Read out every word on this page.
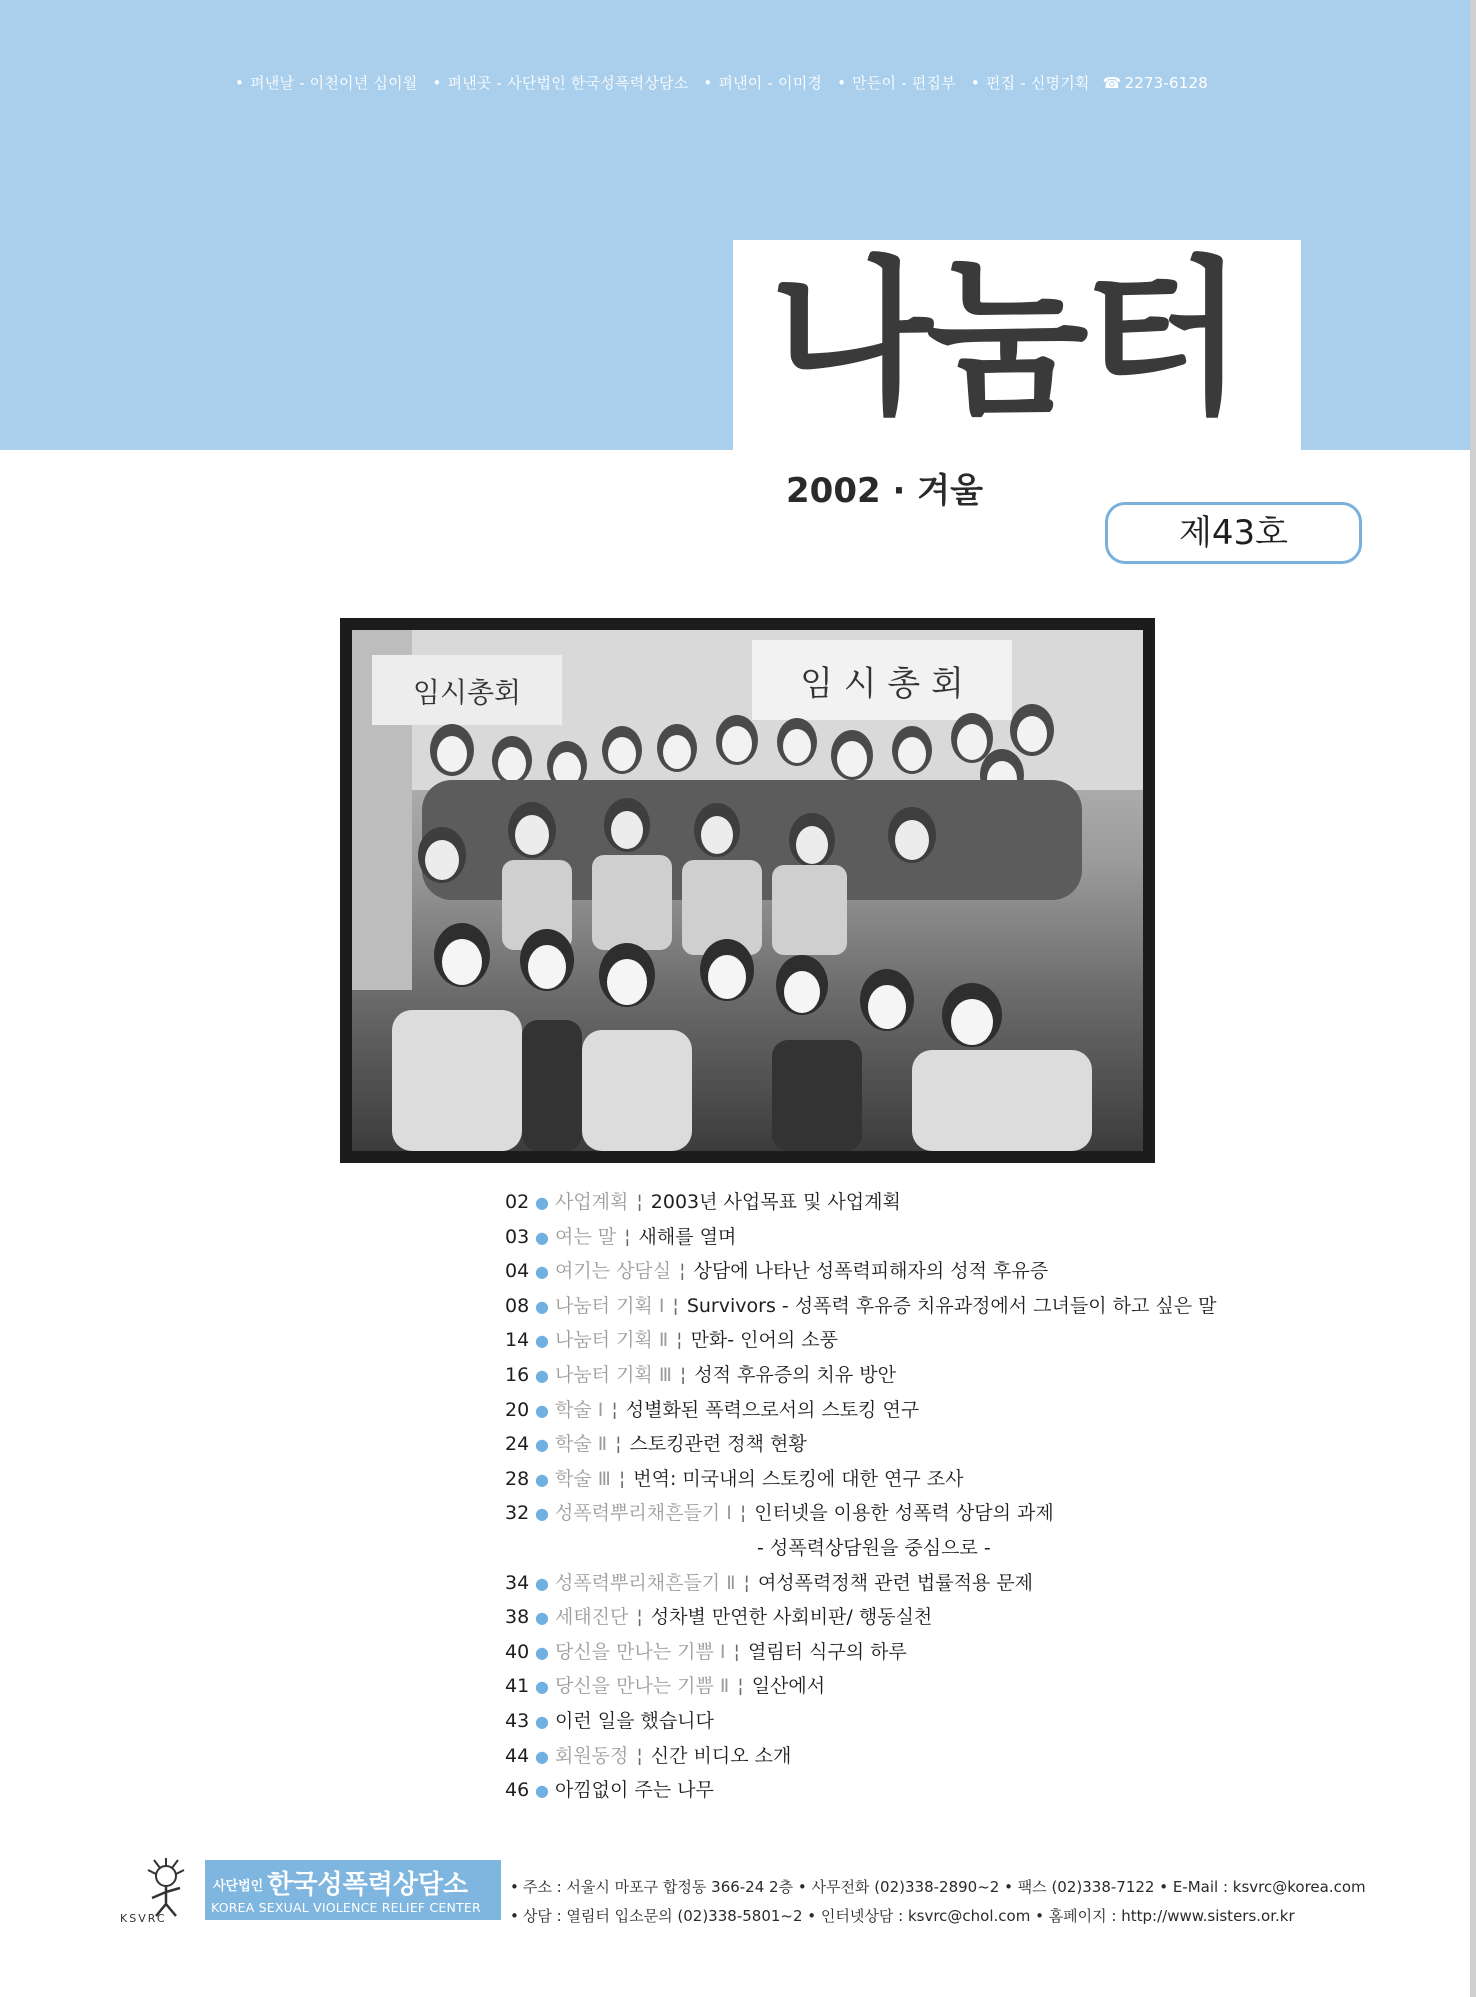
• 펴낸날 - 이천이년 십이월 • 펴낸곳 - 사단법인 한국성폭력상담소 • 펴낸이 - 이미경 • 만든이 - 편집부 • 편집 - 신명기획 ☎ 2273-6128
나눔터
2002 · 겨울
제43호
임시총회	임 시 총 회
02 ● 사업계획 ¦ 2003년 사업목표 및 사업계획
03 ● 여는 말 ¦ 새해를 열며
04 ● 여기는 상담실 ¦ 상담에 나타난 성폭력피해자의 성적 후유증
08 ● 나눔터 기획 Ⅰ ¦ Survivors - 성폭력 후유증 치유과정에서 그녀들이 하고 싶은 말
14 ● 나눔터 기획 Ⅱ ¦ 만화- 인어의 소풍
16 ● 나눔터 기획 Ⅲ ¦ 성적 후유증의 치유 방안
20 ● 학술 Ⅰ ¦ 성별화된 폭력으로서의 스토킹 연구
24 ● 학술 Ⅱ ¦ 스토킹관련 정책 현황
28 ● 학술 Ⅲ ¦ 번역: 미국내의 스토킹에 대한 연구 조사
32 ● 성폭력뿌리채흔들기 Ⅰ ¦ 인터넷을 이용한 성폭력 상담의 과제
- 성폭력상담원을 중심으로 -
34 ● 성폭력뿌리채흔들기 Ⅱ ¦ 여성폭력정책 관련 법률적용 문제
38 ● 세태진단 ¦ 성차별 만연한 사회비판/ 행동실천
40 ● 당신을 만나는 기쁨 Ⅰ ¦ 열림터 식구의 하루
41 ● 당신을 만나는 기쁨 Ⅱ ¦ 일산에서
43 ● 이런 일을 했습니다
44 ● 회원동정 ¦ 신간 비디오 소개
46 ● 아낌없이 주는 나무
KSVRC
사단법인 한국성폭력상담소
KOREA SEXUAL VIOLENCE RELIEF CENTER
• 주소 : 서울시 마포구 합정동 366-24 2층 • 사무전화 (02)338-2890~2 • 팩스 (02)338-7122 • E-Mail : ksvrc@korea.com
• 상담 : 열림터 입소문의 (02)338-5801~2 • 인터넷상담 : ksvrc@chol.com • 홈페이지 : http://www.sisters.or.kr
